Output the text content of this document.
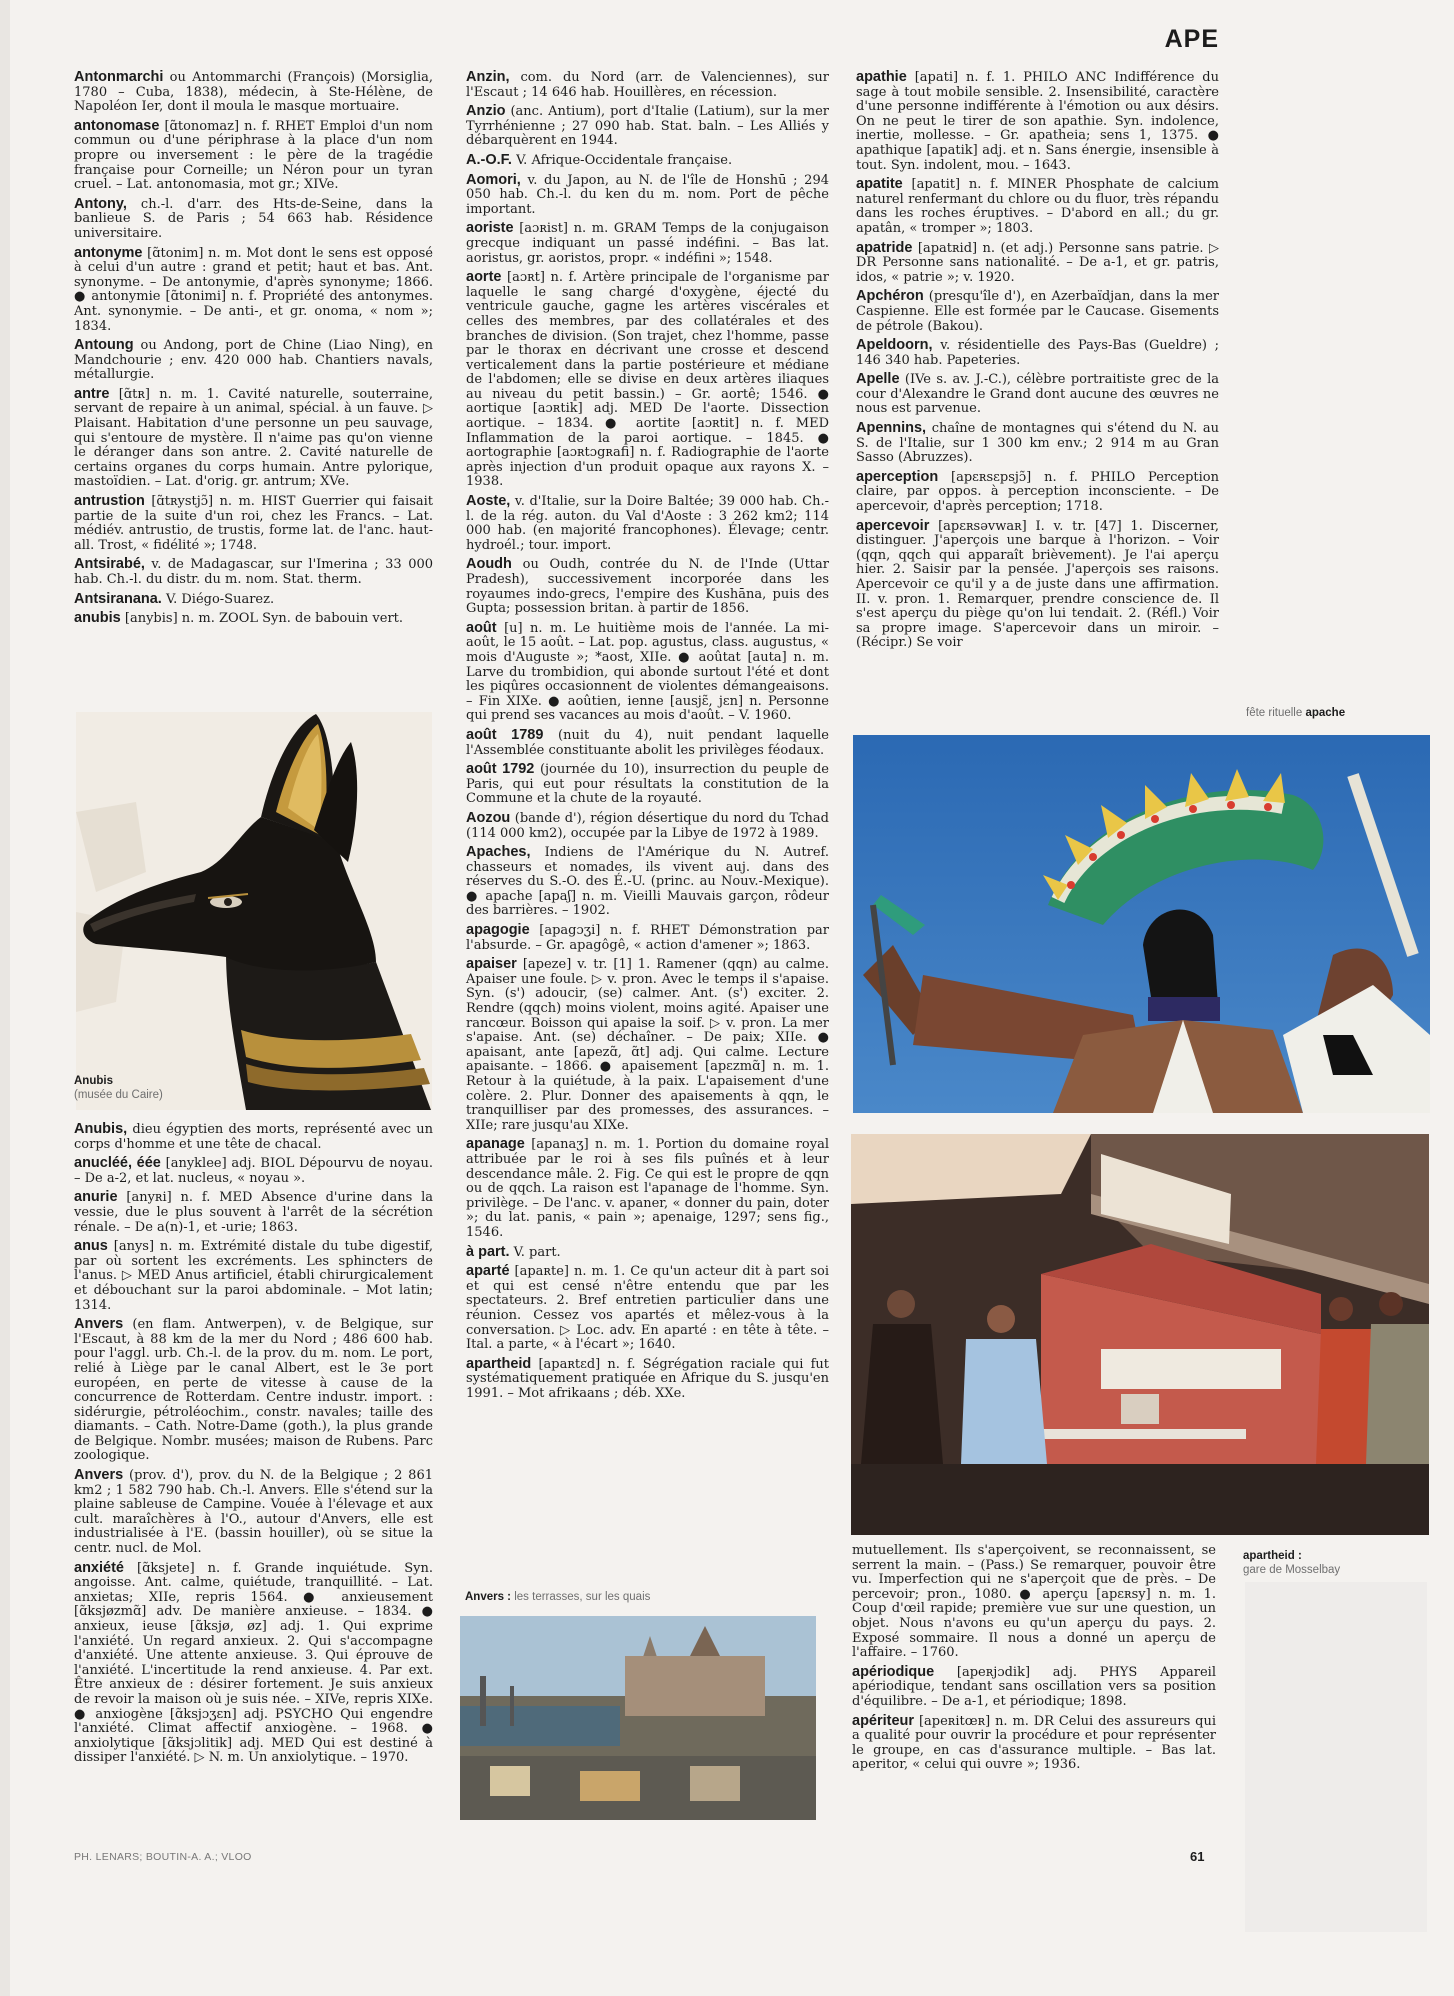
APE

Antonmarchi ou Antommarchi (François) (Morsiglia, 1780 – Cuba, 1838), médecin, à Ste-Hélène, de Napoléon Ier, dont il moula le masque mortuaire.

antonomase [ɑ̃tonomaz] n. f. RHET Emploi d'un nom commun ou d'une périphrase à la place d'un nom propre ou inversement : le père de la tragédie française pour Corneille; un Néron pour un tyran cruel. – Lat. antonomasia, mot gr.; XIVe.

Antony, ch.-l. d'arr. des Hts-de-Seine, dans la banlieue S. de Paris ; 54 663 hab. Résidence universitaire.

antonyme [ɑ̃tonim] n. m. Mot dont le sens est opposé à celui d'un autre : grand et petit; haut et bas. Ant. synonyme. – De antonymie, d'après synonyme; 1866. ● antonymie [ɑ̃tonimi] n. f. Propriété des antonymes. Ant. synonymie. – De anti-, et gr. onoma, « nom »; 1834.

Antoung ou Andong, port de Chine (Liao Ning), en Mandchourie ; env. 420 000 hab. Chantiers navals, métallurgie.

antre [ɑ̃tʀ] n. m. 1. Cavité naturelle, souterraine, servant de repaire à un animal, spécial. à un fauve. ▷ Plaisant. Habitation d'une personne un peu sauvage, qui s'entoure de mystère. Il n'aime pas qu'on vienne le déranger dans son antre. 2. Cavité naturelle de certains organes du corps humain. Antre pylorique, mastoïdien. – Lat. d'orig. gr. antrum; XVe.

antrustion [ɑ̃tʀystjɔ̃] n. m. HIST Guerrier qui faisait partie de la suite d'un roi, chez les Francs. – Lat. médiév. antrustio, de trustis, forme lat. de l'anc. haut-all. Trost, « fidélité »; 1748.

Antsirabé, v. de Madagascar, sur l'Imerina ; 33 000 hab. Ch.-l. du distr. du m. nom. Stat. therm.

Antsiranana. V. Diégo-Suarez.

anubis [anybis] n. m. ZOOL Syn. de babouin vert.

Anubis
(musée du Caire)

Anubis, dieu égyptien des morts, représenté avec un corps d'homme et une tête de chacal.

anucléé, éée [anyklee] adj. BIOL Dépourvu de noyau. – De a-2, et lat. nucleus, « noyau ».

anurie [anyʀi] n. f. MED Absence d'urine dans la vessie, due le plus souvent à l'arrêt de la sécrétion rénale. – De a(n)-1, et -urie; 1863.

anus [anys] n. m. Extrémité distale du tube digestif, par où sortent les excréments. Les sphincters de l'anus. ▷ MED Anus artificiel, établi chirurgicalement et débouchant sur la paroi abdominale. – Mot latin; 1314.

Anvers (en flam. Antwerpen), v. de Belgique, sur l'Escaut, à 88 km de la mer du Nord ; 486 600 hab. pour l'aggl. urb. Ch.-l. de la prov. du m. nom. Le port, relié à Liège par le canal Albert, est le 3e port européen, en perte de vitesse à cause de la concurrence de Rotterdam. Centre industr. import. : sidérurgie, pétroléochim., constr. navales; taille des diamants. – Cath. Notre-Dame (goth.), la plus grande de Belgique. Nombr. musées; maison de Rubens. Parc zoologique.

Anvers (prov. d'), prov. du N. de la Belgique ; 2 861 km2 ; 1 582 790 hab. Ch.-l. Anvers. Elle s'étend sur la plaine sableuse de Campine. Vouée à l'élevage et aux cult. maraîchères à l'O., autour d'Anvers, elle est industrialisée à l'E. (bassin houiller), où se situe la centr. nucl. de Mol.

anxiété [ɑ̃ksjete] n. f. Grande inquiétude. Syn. angoisse. Ant. calme, quiétude, tranquillité. – Lat. anxietas; XIIe, repris 1564. ● anxieusement [ɑ̃ksjøzmɑ̃] adv. De manière anxieuse. – 1834. ● anxieux, ieuse [ɑ̃ksjø, øz] adj. 1. Qui exprime l'anxiété. Un regard anxieux. 2. Qui s'accompagne d'anxiété. Une attente anxieuse. 3. Qui éprouve de l'anxiété. L'incertitude la rend anxieuse. 4. Par ext. Être anxieux de : désirer fortement. Je suis anxieux de revoir la maison où je suis née. – XIVe, repris XIXe. ● anxiogène [ɑ̃ksjɔʒɛn] adj. PSYCHO Qui engendre l'anxiété. Climat affectif anxiogène. – 1968. ● anxiolytique [ɑ̃ksjɔlitik] adj. MED Qui est destiné à dissiper l'anxiété. ▷ N. m. Un anxiolytique. – 1970.

Anzin, com. du Nord (arr. de Valenciennes), sur l'Escaut ; 14 646 hab. Houillères, en récession.

Anzio (anc. Antium), port d'Italie (Latium), sur la mer Tyrrhénienne ; 27 090 hab. Stat. baln. – Les Alliés y débarquèrent en 1944.

A.-O.F. V. Afrique-Occidentale française.

Aomori, v. du Japon, au N. de l'île de Honshū ; 294 050 hab. Ch.-l. du ken du m. nom. Port de pêche important.

aoriste [aɔʀist] n. m. GRAM Temps de la conjugaison grecque indiquant un passé indéfini. – Bas lat. aoristus, gr. aoristos, propr. « indéfini »; 1548.

aorte [aɔʀt] n. f. Artère principale de l'organisme par laquelle le sang chargé d'oxygène, éjecté du ventricule gauche, gagne les artères viscérales et celles des membres, par des collatérales et des branches de division. (Son trajet, chez l'homme, passe par le thorax en décrivant une crosse et descend verticalement dans la partie postérieure et médiane de l'abdomen; elle se divise en deux artères iliaques au niveau du petit bassin.) – Gr. aortê; 1546. ● aortique [aɔʀtik] adj. MED De l'aorte. Dissection aortique. – 1834. ● aortite [aɔʀtit] n. f. MED Inflammation de la paroi aortique. – 1845. ● aortographie [aɔʀtɔgʀafi] n. f. Radiographie de l'aorte après injection d'un produit opaque aux rayons X. – 1938.

Aoste, v. d'Italie, sur la Doire Baltée; 39 000 hab. Ch.-l. de la rég. auton. du Val d'Aoste : 3 262 km2; 114 000 hab. (en majorité francophones). Élevage; centr. hydroél.; tour. import.

Aoudh ou Oudh, contrée du N. de l'Inde (Uttar Pradesh), successivement incorporée dans les royaumes indo-grecs, l'empire des Kushāna, puis des Gupta; possession britan. à partir de 1856.

août [u] n. m. Le huitième mois de l'année. La mi-août, le 15 août. – Lat. pop. agustus, class. augustus, « mois d'Auguste »; *aost, XIIe. ● aoûtat [auta] n. m. Larve du trombidion, qui abonde surtout l'été et dont les piqûres occasionnent de violentes démangeaisons. – Fin XIXe. ● aoûtien, ienne [ausjɛ̃, jɛn] n. Personne qui prend ses vacances au mois d'août. – V. 1960.

août 1789 (nuit du 4), nuit pendant laquelle l'Assemblée constituante abolit les privilèges féodaux.

août 1792 (journée du 10), insurrection du peuple de Paris, qui eut pour résultats la constitution de la Commune et la chute de la royauté.

Aozou (bande d'), région désertique du nord du Tchad (114 000 km2), occupée par la Libye de 1972 à 1989.

Apaches, Indiens de l'Amérique du N. Autref. chasseurs et nomades, ils vivent auj. dans des réserves du S.-O. des É.-U. (princ. au Nouv.-Mexique). ● apache [apaʃ] n. m. Vieilli Mauvais garçon, rôdeur des barrières. – 1902.

apagogie [apagɔʒi] n. f. RHET Démonstration par l'absurde. – Gr. apagôgê, « action d'amener »; 1863.

apaiser [apeze] v. tr. [1] 1. Ramener (qqn) au calme. Apaiser une foule. ▷ v. pron. Avec le temps il s'apaise. Syn. (s') adoucir, (se) calmer. Ant. (s') exciter. 2. Rendre (qqch) moins violent, moins agité. Apaiser une rancœur. Boisson qui apaise la soif. ▷ v. pron. La mer s'apaise. Ant. (se) déchaîner. – De paix; XIIe. ● apaisant, ante [apezɑ̃, ɑ̃t] adj. Qui calme. Lecture apaisante. – 1866. ● apaisement [apɛzmɑ̃] n. m. 1. Retour à la quiétude, à la paix. L'apaisement d'une colère. 2. Plur. Donner des apaisements à qqn, le tranquilliser par des promesses, des assurances. – XIIe; rare jusqu'au XIXe.

apanage [apanaʒ] n. m. 1. Portion du domaine royal attribuée par le roi à ses fils puînés et à leur descendance mâle. 2. Fig. Ce qui est le propre de qqn ou de qqch. La raison est l'apanage de l'homme. Syn. privilège. – De l'anc. v. apaner, « donner du pain, doter »; du lat. panis, « pain »; apenaige, 1297; sens fig., 1546.

à part. V. part.

aparté [apaʀte] n. m. 1. Ce qu'un acteur dit à part soi et qui est censé n'être entendu que par les spectateurs. 2. Bref entretien particulier dans une réunion. Cessez vos apartés et mêlez-vous à la conversation. ▷ Loc. adv. En aparté : en tête à tête. – Ital. a parte, « à l'écart »; 1640.

apartheid [apaʀtɛd] n. f. Ségrégation raciale qui fut systématiquement pratiquée en Afrique du S. jusqu'en 1991. – Mot afrikaans ; déb. XXe.

Anvers : les terrasses, sur les quais

apathie [apati] n. f. 1. PHILO ANC Indifférence du sage à tout mobile sensible. 2. Insensibilité, caractère d'une personne indifférente à l'émotion ou aux désirs. On ne peut le tirer de son apathie. Syn. indolence, inertie, mollesse. – Gr. apatheia; sens 1, 1375. ● apathique [apatik] adj. et n. Sans énergie, insensible à tout. Syn. indolent, mou. – 1643.

apatite [apatit] n. f. MINER Phosphate de calcium naturel renfermant du chlore ou du fluor, très répandu dans les roches éruptives. – D'abord en all.; du gr. apatân, « tromper »; 1803.

apatride [apatʀid] n. (et adj.) Personne sans patrie. ▷ DR Personne sans nationalité. – De a-1, et gr. patris, idos, « patrie »; v. 1920.

Apchéron (presqu'île d'), en Azerbaïdjan, dans la mer Caspienne. Elle est formée par le Caucase. Gisements de pétrole (Bakou).

Apeldoorn, v. résidentielle des Pays-Bas (Gueldre) ; 146 340 hab. Papeteries.

Apelle (IVe s. av. J.-C.), célèbre portraitiste grec de la cour d'Alexandre le Grand dont aucune des œuvres ne nous est parvenue.

Apennins, chaîne de montagnes qui s'étend du N. au S. de l'Italie, sur 1 300 km env.; 2 914 m au Gran Sasso (Abruzzes).

aperception [apɛʀsɛpsjɔ̃] n. f. PHILO Perception claire, par oppos. à perception inconsciente. – De apercevoir, d'après perception; 1718.

apercevoir [apɛʀsəvwaʀ] I. v. tr. [47] 1. Discerner, distinguer. J'aperçois une barque à l'horizon. – Voir (qqn, qqch qui apparaît brièvement). Je l'ai aperçu hier. 2. Saisir par la pensée. J'aperçois ses raisons. Apercevoir ce qu'il y a de juste dans une affirmation. II. v. pron. 1. Remarquer, prendre conscience de. Il s'est aperçu du piège qu'on lui tendait. 2. (Réfl.) Voir sa propre image. S'apercevoir dans un miroir. – (Récipr.) Se voir

fête rituelle apache
apartheid :
gare de Mosselbay

mutuellement. Ils s'aperçoivent, se reconnaissent, se serrent la main. – (Pass.) Se remarquer, pouvoir être vu. Imperfection qui ne s'aperçoit que de près. – De percevoir; pron., 1080. ● aperçu [apɛʀsy] n. m. 1. Coup d'œil rapide; première vue sur une question, un objet. Nous n'avons eu qu'un aperçu du pays. 2. Exposé sommaire. Il nous a donné un aperçu de l'affaire. – 1760.

apériodique [apeʀjɔdik] adj. PHYS Appareil apériodique, tendant sans oscillation vers sa position d'équilibre. – De a-1, et périodique; 1898.

apériteur [apeʀitœʀ] n. m. DR Celui des assureurs qui a qualité pour ouvrir la procédure et pour représenter le groupe, en cas d'assurance multiple. – Bas lat. aperitor, « celui qui ouvre »; 1936.

PH. LENARS; BOUTIN-A. A.; VLOO	61
